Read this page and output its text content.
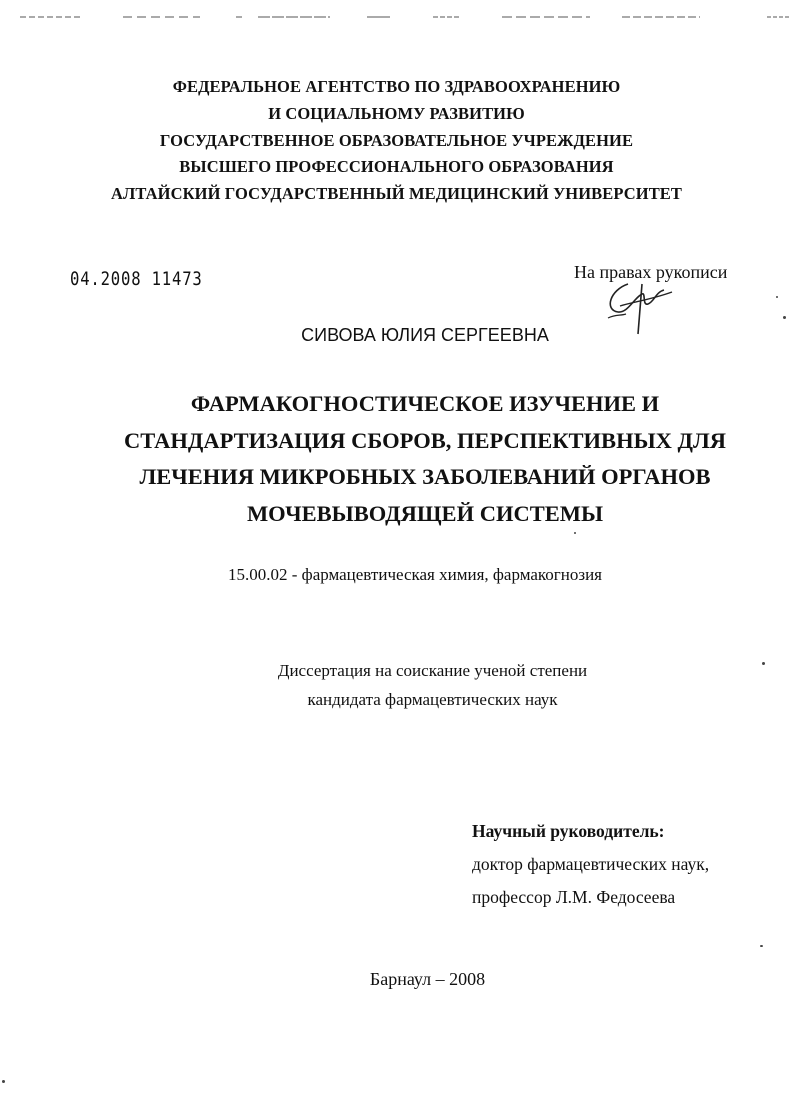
ФЕДЕРАЛЬНОЕ АГЕНТСТВО ПО ЗДРАВООХРАНЕНИЮ
И СОЦИАЛЬНОМУ РАЗВИТИЮ
ГОСУДАРСТВЕННОЕ ОБРАЗОВАТЕЛЬНОЕ УЧРЕЖДЕНИЕ
ВЫСШЕГО ПРОФЕССИОНАЛЬНОГО ОБРАЗОВАНИЯ
АЛТАЙСКИЙ ГОСУДАРСТВЕННЫЙ МЕДИЦИНСКИЙ УНИВЕРСИТЕТ
04.2008 11473	На правах рукописи
СИВОВА ЮЛИЯ СЕРГЕЕВНА
ФАРМАКОГНОСТИЧЕСКОЕ ИЗУЧЕНИЕ И
СТАНДАРТИЗАЦИЯ СБОРОВ, ПЕРСПЕКТИВНЫХ ДЛЯ
ЛЕЧЕНИЯ МИКРОБНЫХ ЗАБОЛЕВАНИЙ ОРГАНОВ
МОЧЕВЫВОДЯЩЕЙ СИСТЕМЫ
15.00.02 - фармацевтическая химия, фармакогнозия
Диссертация на соискание ученой степени
кандидата фармацевтических наук
Научный руководитель:
доктор фармацевтических наук,
профессор Л.М. Федосеева
Барнаул – 2008
